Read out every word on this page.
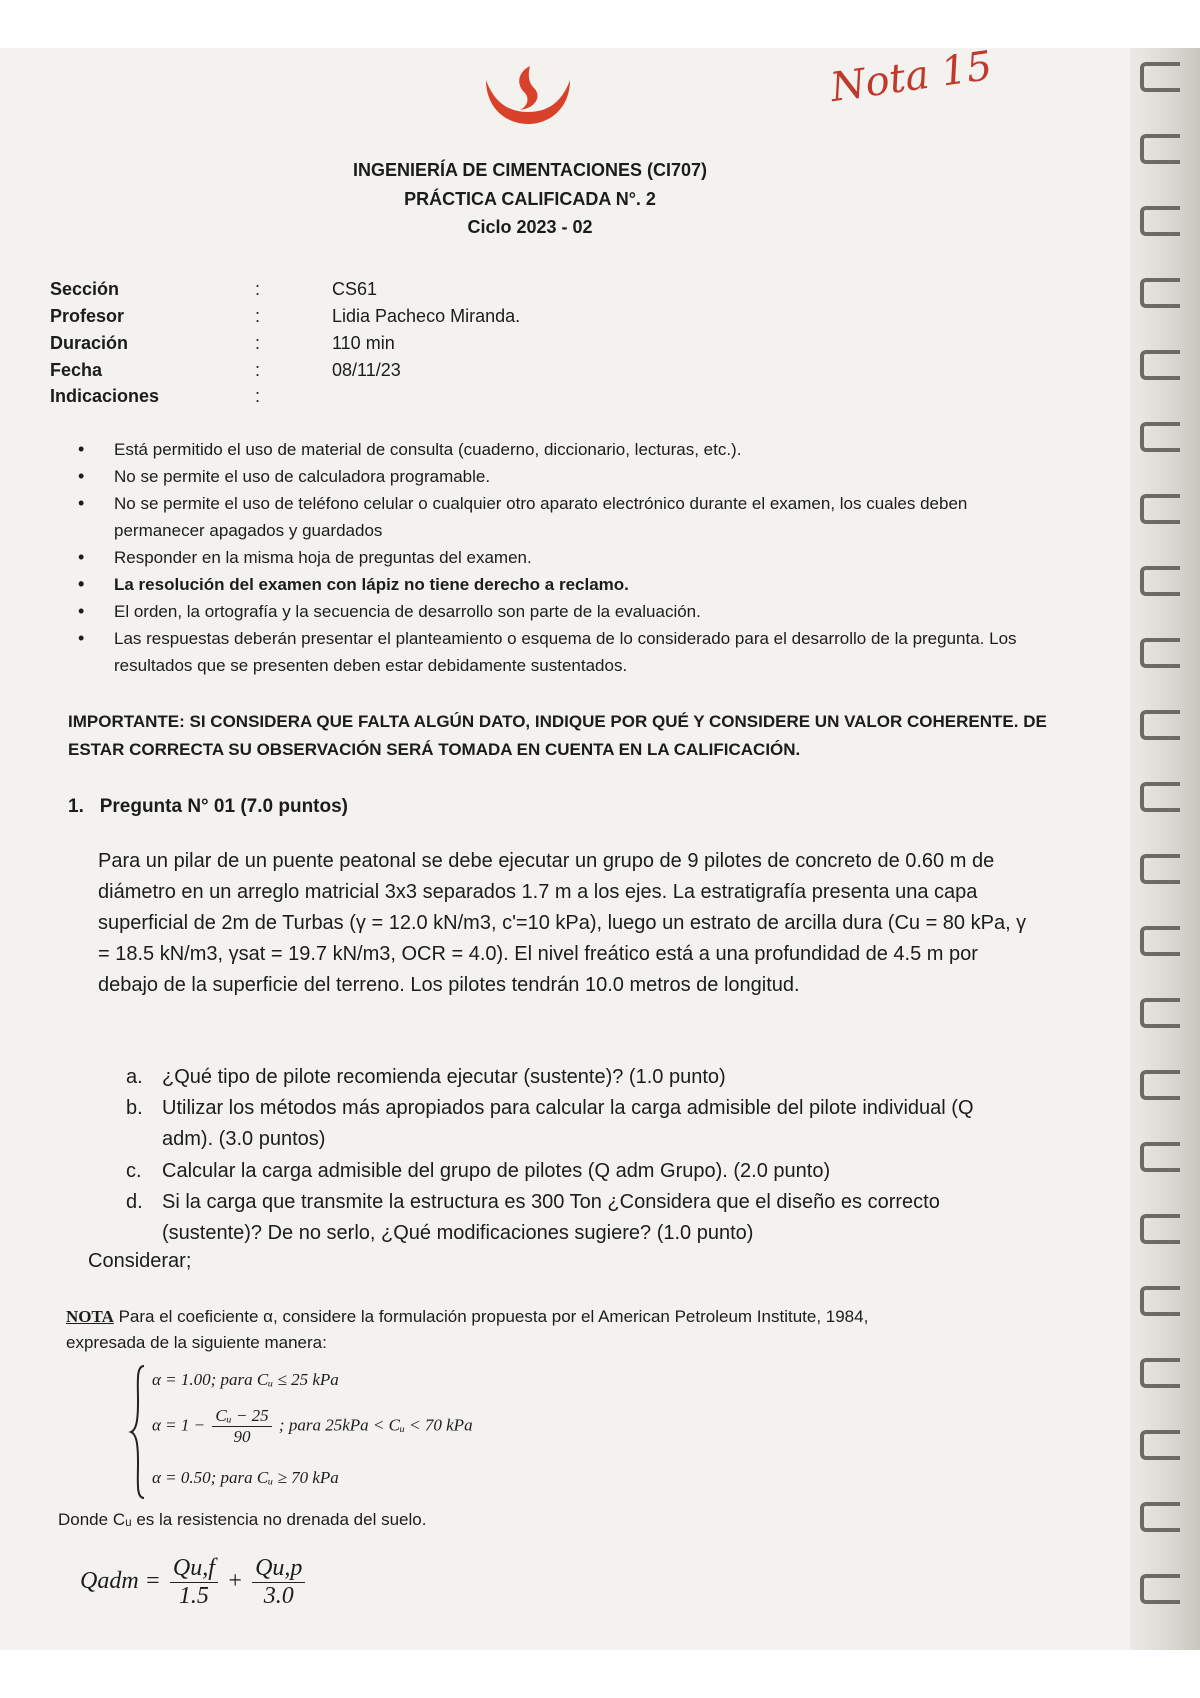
Nota 15
INGENIERÍA DE CIMENTACIONES (CI707)
PRÁCTICA CALIFICADA N°. 2
Ciclo 2023 - 02
Sección	:	CS61
Profesor	:	Lidia Pacheco Miranda.
Duración	:	110 min
Fecha	:	08/11/23
Indicaciones	:
• Está permitido el uso de material de consulta (cuaderno, diccionario, lecturas, etc.).
• No se permite el uso de calculadora programable.
• No se permite el uso de teléfono celular o cualquier otro aparato electrónico durante el examen, los cuales deben permanecer apagados y guardados
• Responder en la misma hoja de preguntas del examen.
• La resolución del examen con lápiz no tiene derecho a reclamo.
• El orden, la ortografía y la secuencia de desarrollo son parte de la evaluación.
• Las respuestas deberán presentar el planteamiento o esquema de lo considerado para el desarrollo de la pregunta. Los resultados que se presenten deben estar debidamente sustentados.
IMPORTANTE: SI CONSIDERA QUE FALTA ALGÚN DATO, INDIQUE POR QUÉ Y CONSIDERE UN VALOR COHERENTE. DE ESTAR CORRECTA SU OBSERVACIÓN SERÁ TOMADA EN CUENTA EN LA CALIFICACIÓN.
1. Pregunta N° 01 (7.0 puntos)
Para un pilar de un puente peatonal se debe ejecutar un grupo de 9 pilotes de concreto de 0.60 m de diámetro en un arreglo matricial 3x3 separados 1.7 m a los ejes. La estratigrafía presenta una capa superficial de 2m de Turbas (γ = 12.0 kN/m3, c'=10 kPa), luego un estrato de arcilla dura (Cu = 80 kPa, γ = 18.5 kN/m3, γsat = 19.7 kN/m3, OCR = 4.0). El nivel freático está a una profundidad de 4.5 m por debajo de la superficie del terreno. Los pilotes tendrán 10.0 metros de longitud.
a. ¿Qué tipo de pilote recomienda ejecutar (sustente)? (1.0 punto)
b. Utilizar los métodos más apropiados para calcular la carga admisible del pilote individual (Q adm). (3.0 puntos)
c. Calcular la carga admisible del grupo de pilotes (Q adm Grupo). (2.0 punto)
d. Si la carga que transmite la estructura es 300 Ton ¿Considera que el diseño es correcto (sustente)? De no serlo, ¿Qué modificaciones sugiere? (1.0 punto)
Considerar;
NOTA Para el coeficiente α, considere la formulación propuesta por el American Petroleum Institute, 1984, expresada de la siguiente manera:
α = 1.00; para Cᵤ ≤ 25 kPa
$\alpha = 1 - \frac{\text{Cᵤ − 25}}{90}$ ; para 25kPa < Cᵤ < 70 kPa
α = 0.50; para Cᵤ ≥ 70 kPa
Donde Cᵤ es la resistencia no drenada del suelo.
Qadm = $\frac{Qu,f}{1.5} + \frac{Qu,p}{3.0}$
